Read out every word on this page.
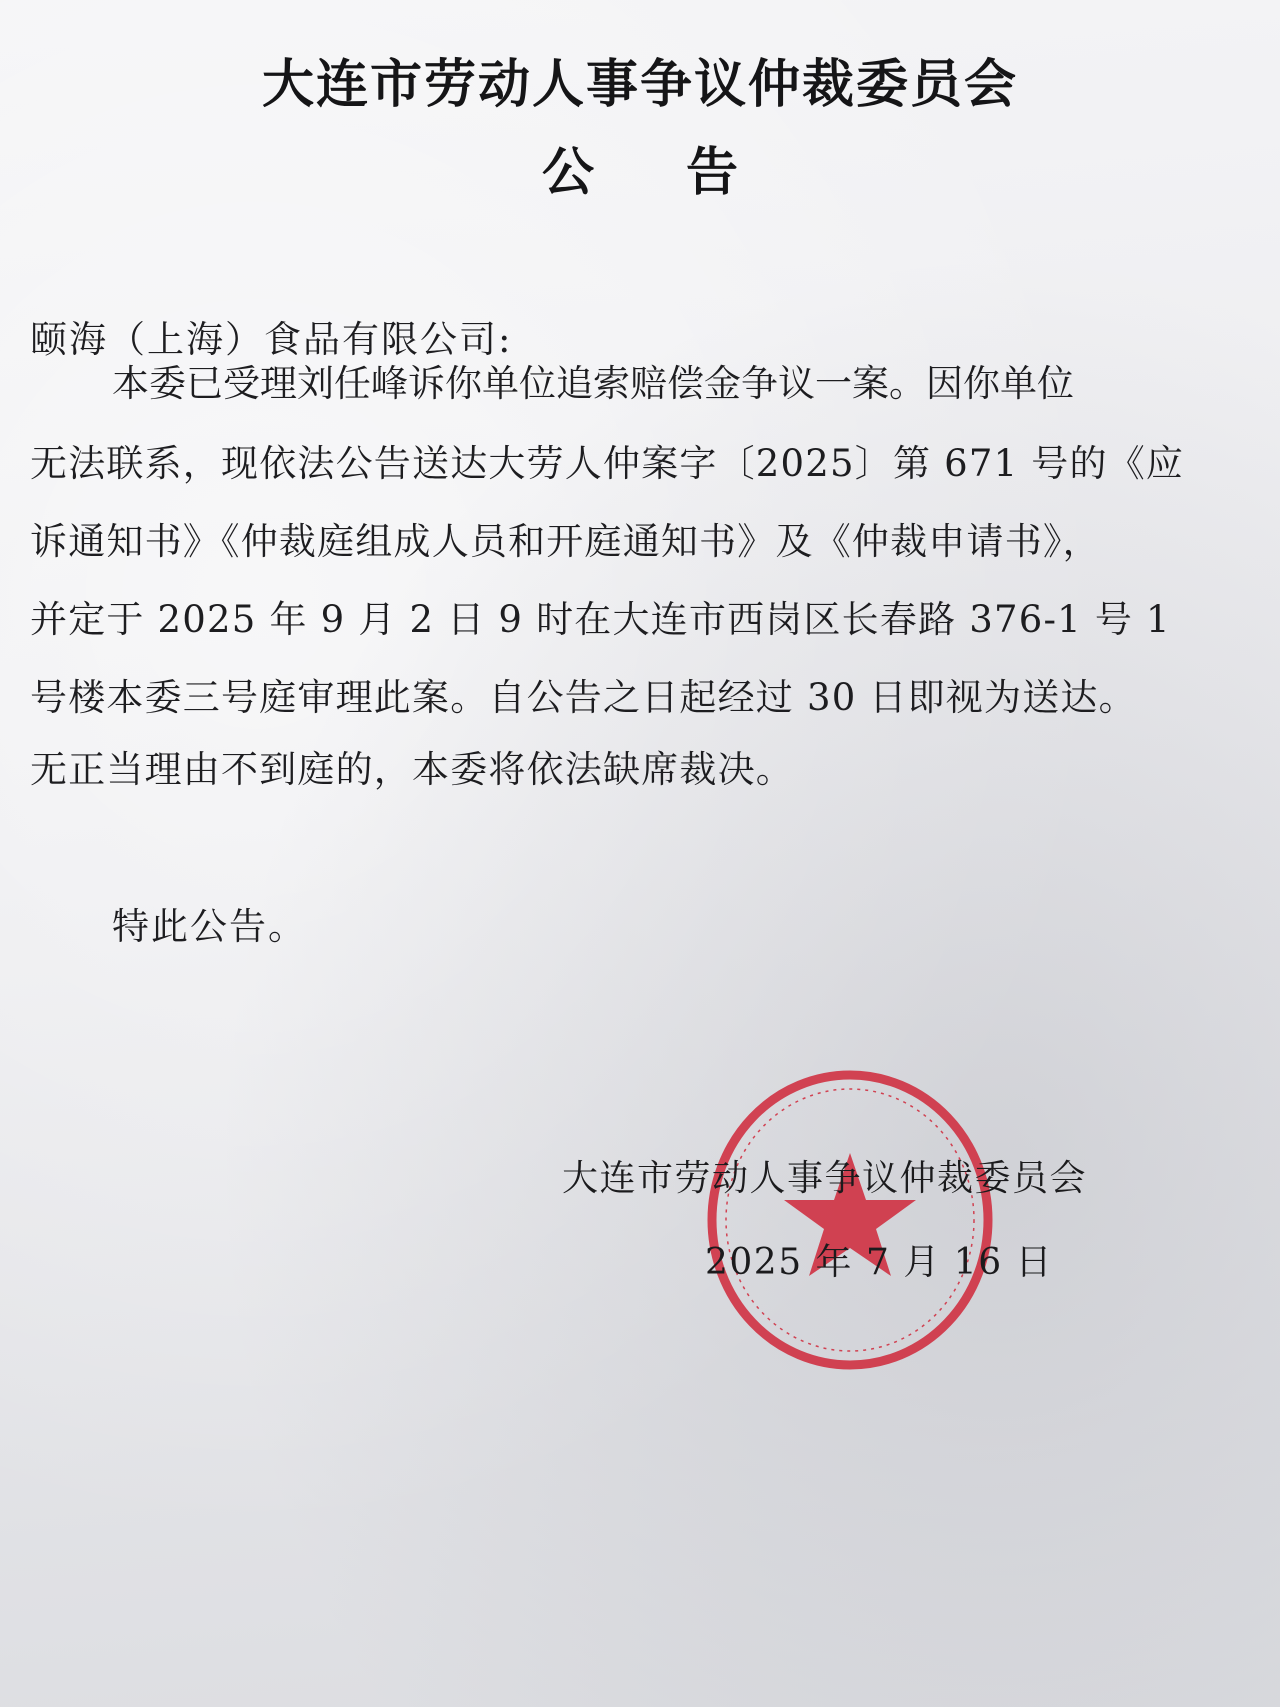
大连市劳动人事争议仲裁委员会
公 告
颐海（上海）食品有限公司:
本委已受理刘任峰诉你单位追索赔偿金争议一案。因你单位
无法联系，现依法公告送达大劳人仲案字〔2025〕第 671 号的《应
诉通知书》《仲裁庭组成人员和开庭通知书》及《仲裁申请书》，
并定于 2025 年 9 月 2 日 9 时在大连市西岗区长春路 376-1 号 1
号楼本委三号庭审理此案。自公告之日起经过 30 日即视为送达。
无正当理由不到庭的，本委将依法缺席裁决。
特此公告。
大连市劳动人事争议仲裁委员会
2025 年 7 月 16 日
